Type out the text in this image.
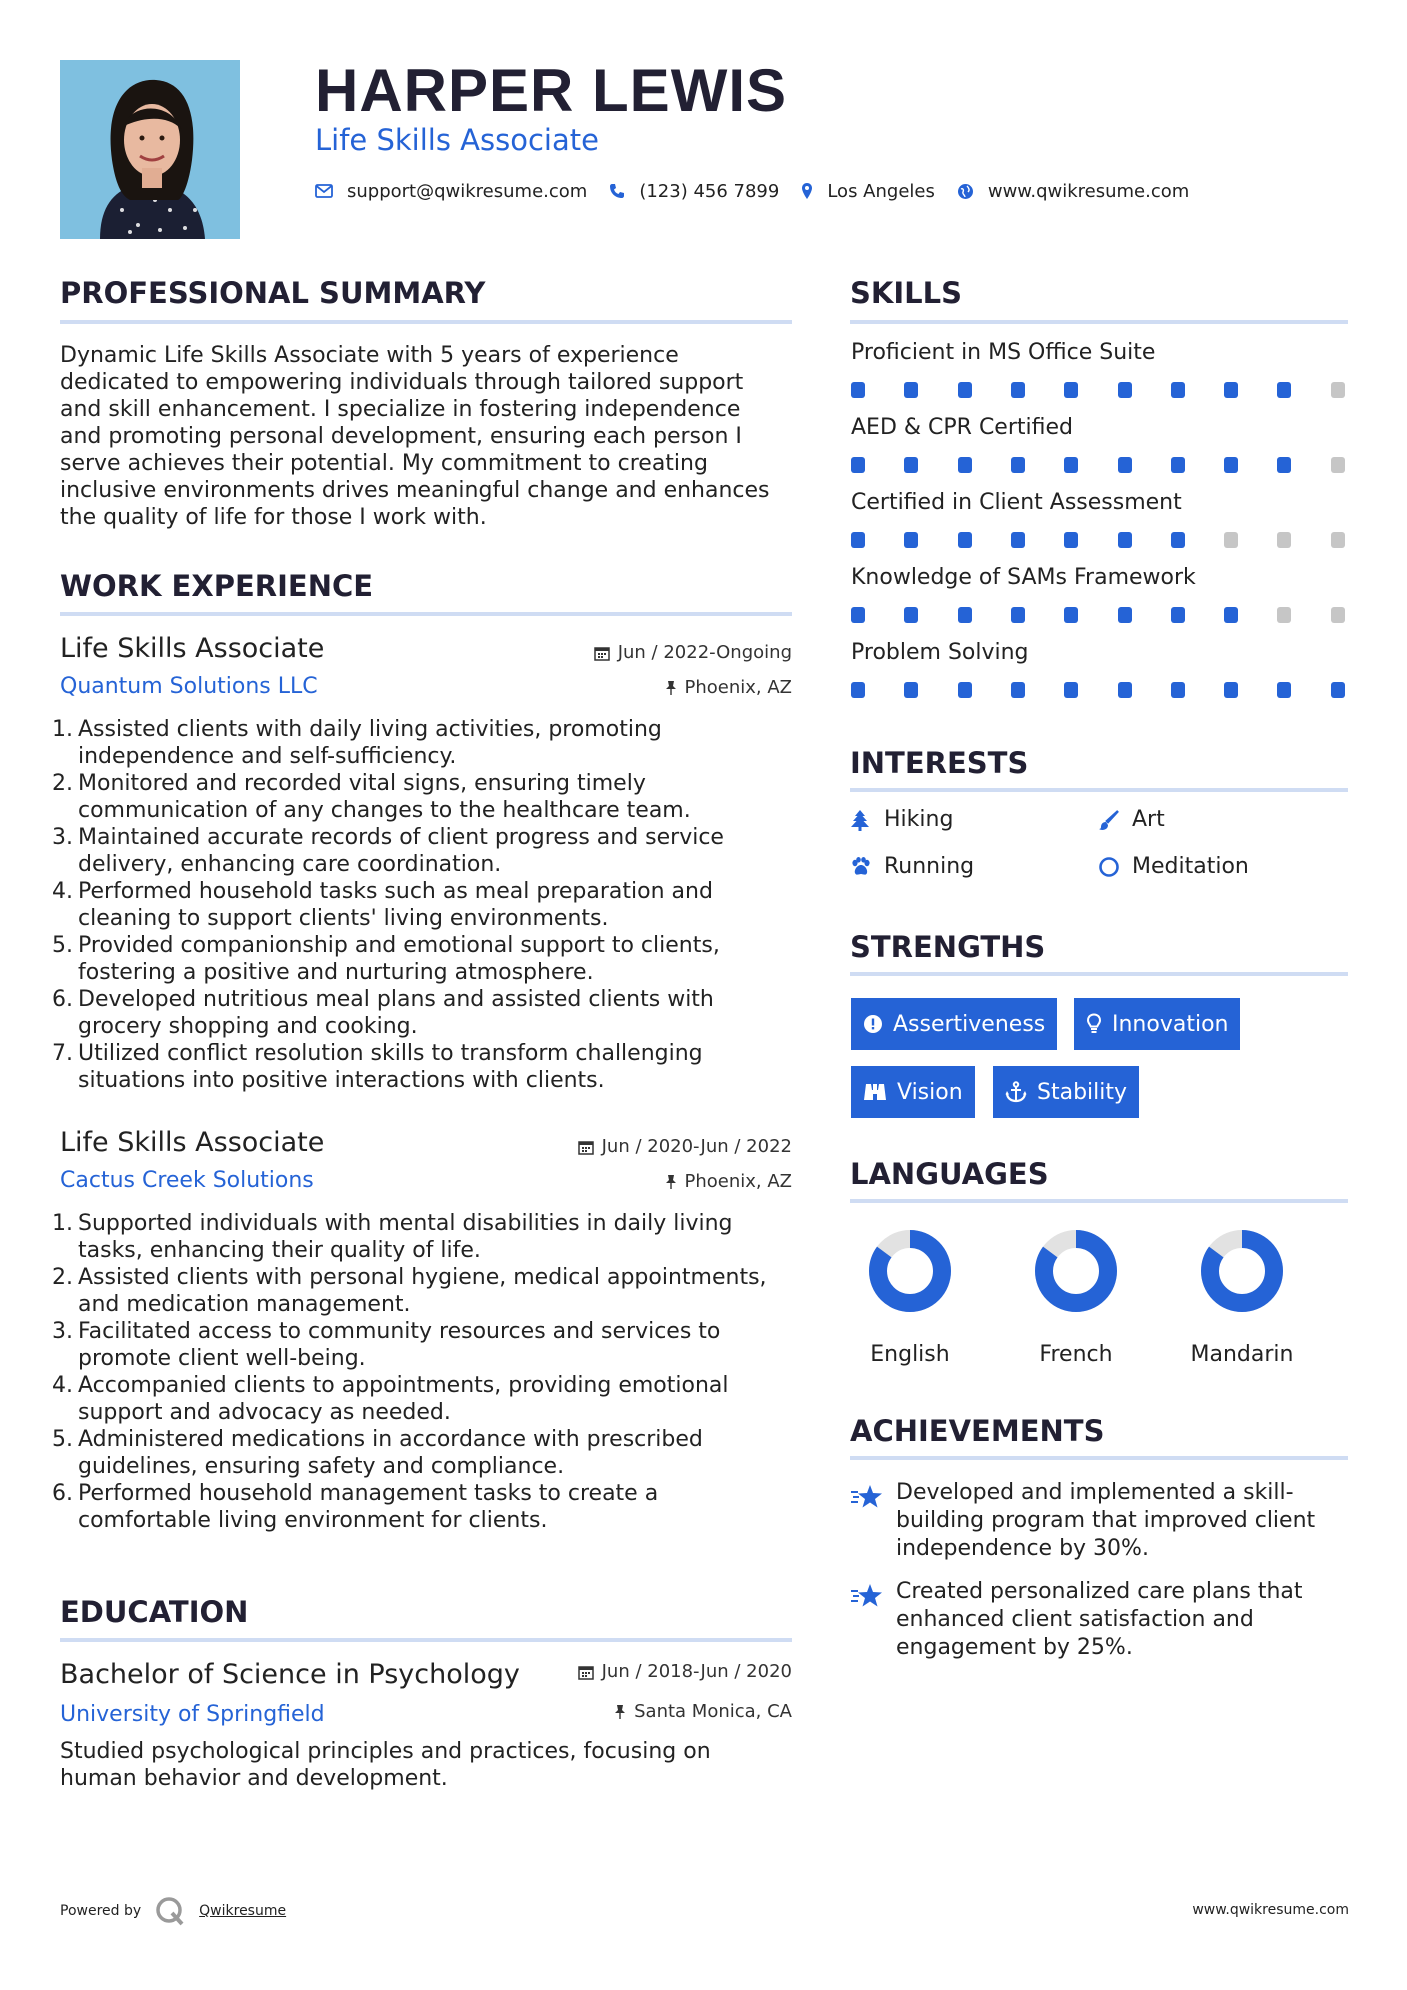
HARPER LEWIS
Life Skills Associate
support@qwikresume.com	(123) 456 7899	Los Angeles	www.qwikresume.com
PROFESSIONAL SUMMARY
Dynamic Life Skills Associate with 5 years of experience
dedicated to empowering individuals through tailored support
and skill enhancement. I specialize in fostering independence
and promoting personal development, ensuring each person I
serve achieves their potential. My commitment to creating
inclusive environments drives meaningful change and enhances
the quality of life for those I work with.
WORK EXPERIENCE
Life Skills Associate	Jun / 2022-Ongoing
Quantum Solutions LLC	Phoenix, AZ
1. Assisted clients with daily living activities, promoting
independence and self-sufficiency.
2. Monitored and recorded vital signs, ensuring timely
communication of any changes to the healthcare team.
3. Maintained accurate records of client progress and service
delivery, enhancing care coordination.
4. Performed household tasks such as meal preparation and
cleaning to support clients' living environments.
5. Provided companionship and emotional support to clients,
fostering a positive and nurturing atmosphere.
6. Developed nutritious meal plans and assisted clients with
grocery shopping and cooking.
7. Utilized conflict resolution skills to transform challenging
situations into positive interactions with clients.
Life Skills Associate	Jun / 2020-Jun / 2022
Cactus Creek Solutions	Phoenix, AZ
1. Supported individuals with mental disabilities in daily living
tasks, enhancing their quality of life.
2. Assisted clients with personal hygiene, medical appointments,
and medication management.
3. Facilitated access to community resources and services to
promote client well-being.
4. Accompanied clients to appointments, providing emotional
support and advocacy as needed.
5. Administered medications in accordance with prescribed
guidelines, ensuring safety and compliance.
6. Performed household management tasks to create a
comfortable living environment for clients.
EDUCATION
Bachelor of Science in Psychology	Jun / 2018-Jun / 2020
University of Springfield	Santa Monica, CA
Studied psychological principles and practices, focusing on
human behavior and development.
SKILLS
Proficient in MS Office Suite
AED & CPR Certified
Certified in Client Assessment
Knowledge of SAMs Framework
Problem Solving
INTERESTS
Hiking	Art
Running	Meditation
STRENGTHS
Assertiveness	Innovation
Vision	Stability
LANGUAGES
English	French	Mandarin
ACHIEVEMENTS
Developed and implemented a skill-
building program that improved client
independence by 30%.
Created personalized care plans that
enhanced client satisfaction and
engagement by 25%.
Powered by	Qwikresume	www.qwikresume.com
